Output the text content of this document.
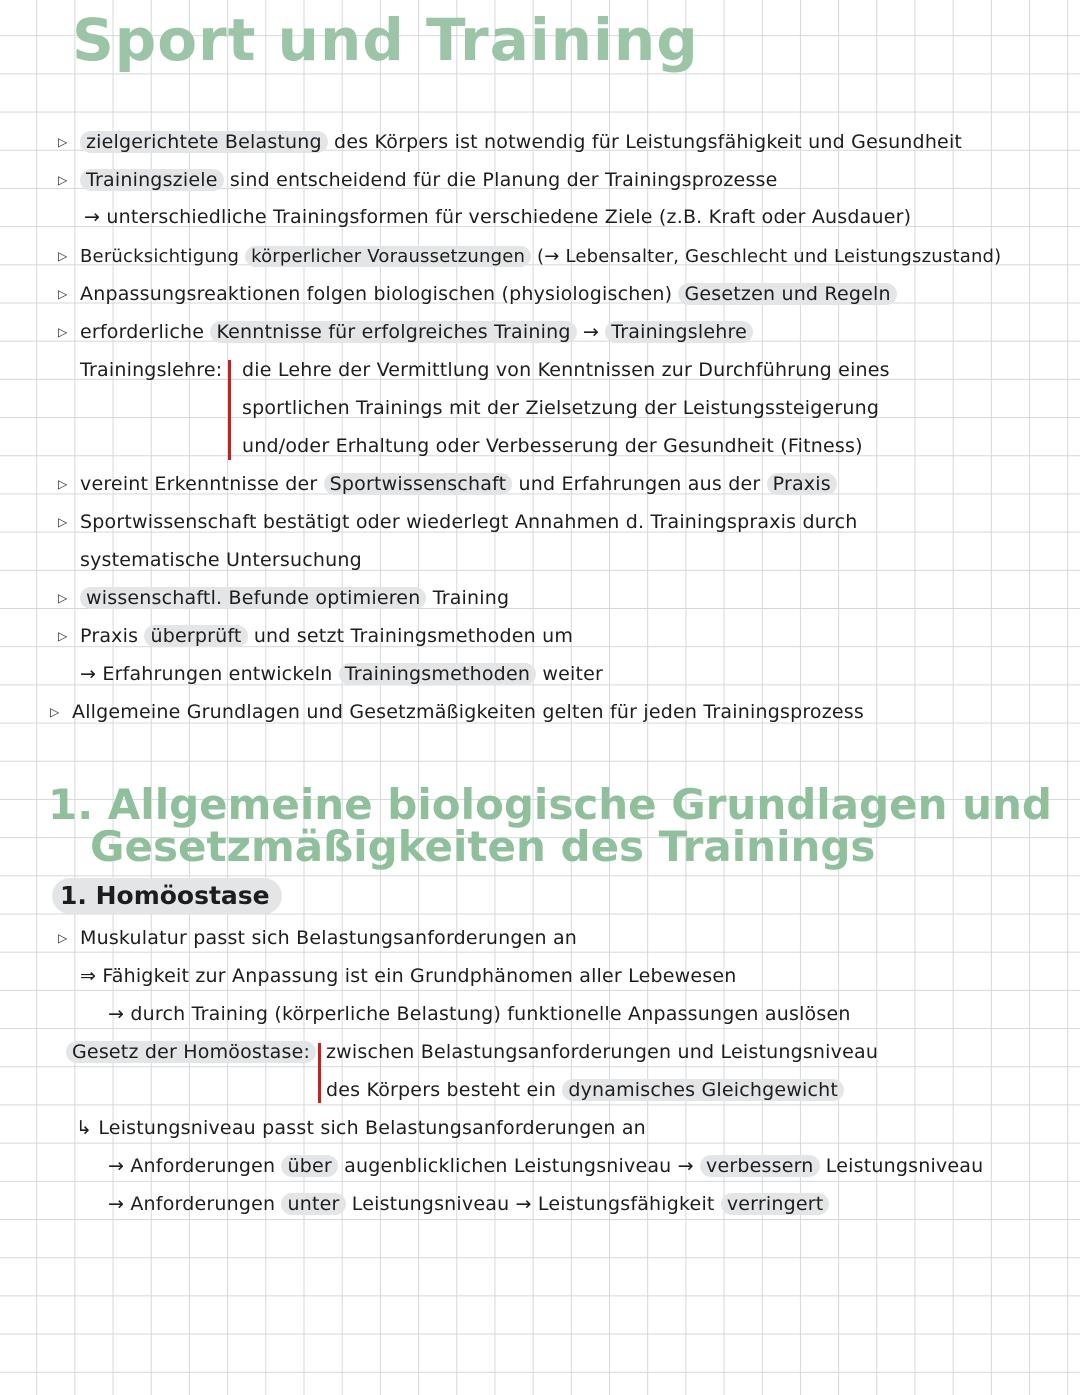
Sport und Training
▷ zielgerichtete Belastung des Körpers ist notwendig für Leistungsfähigkeit und Gesundheit
▷ Trainingsziele sind entscheidend für die Planung der Trainingsprozesse
→ unterschiedliche Trainingsformen für verschiedene Ziele (z.B. Kraft oder Ausdauer)
▷ Berücksichtigung körperlicher Voraussetzungen (→ Lebensalter, Geschlecht und Leistungszustand)
▷ Anpassungsreaktionen folgen biologischen (physiologischen) Gesetzen und Regeln
▷ erforderliche Kenntnisse für erfolgreiches Training → Trainingslehre
Trainingslehre: die Lehre der Vermittlung von Kenntnissen zur Durchführung eines
sportlichen Trainings mit der Zielsetzung der Leistungssteigerung
und/oder Erhaltung oder Verbesserung der Gesundheit (Fitness)
▷ vereint Erkenntnisse der Sportwissenschaft und Erfahrungen aus der Praxis
▷ Sportwissenschaft bestätigt oder wiederlegt Annahmen d. Trainingspraxis durch
systematische Untersuchung
▷ wissenschaftl. Befunde optimieren Training
▷ Praxis überprüft und setzt Trainingsmethoden um
→ Erfahrungen entwickeln Trainingsmethoden weiter
▷ Allgemeine Grundlagen und Gesetzmäßigkeiten gelten für jeden Trainingsprozess
1. Allgemeine biologische Grundlagen und
Gesetzmäßigkeiten des Trainings
1. Homöostase
▷ Muskulatur passt sich Belastungsanforderungen an
⇒ Fähigkeit zur Anpassung ist ein Grundphänomen aller Lebewesen
→ durch Training (körperliche Belastung) funktionelle Anpassungen auslösen
Gesetz der Homöostase: zwischen Belastungsanforderungen und Leistungsniveau
des Körpers besteht ein dynamisches Gleichgewicht
↳ Leistungsniveau passt sich Belastungsanforderungen an
→ Anforderungen über augenblicklichen Leistungsniveau → verbessern Leistungsniveau
→ Anforderungen unter Leistungsniveau → Leistungsfähigkeit verringert
